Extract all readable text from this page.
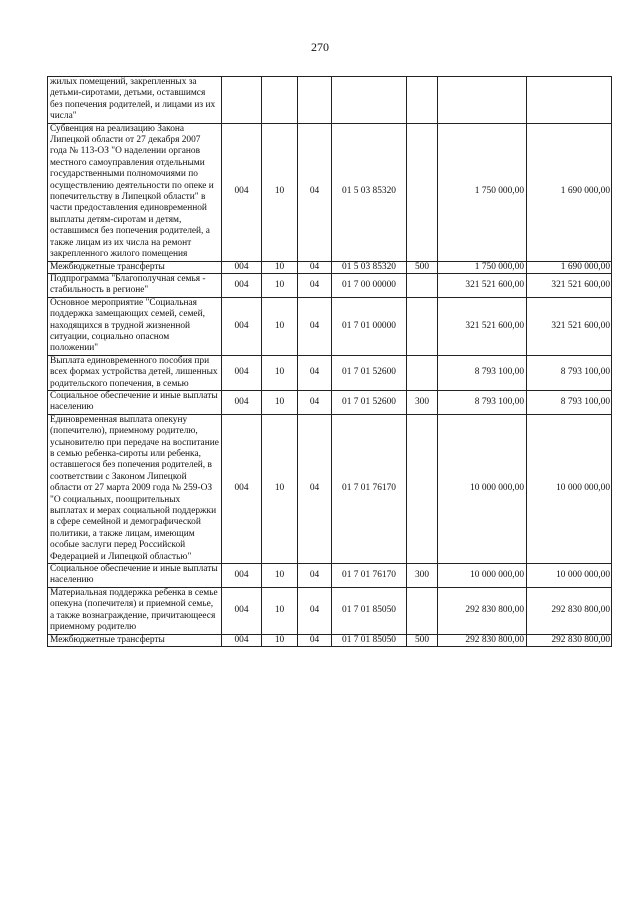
270
жилых помещений, закрепленных за детьми-сиротами, детьми, оставшимся без попечения родителей, и лицами из их числа"							
Субвенция на реализацию Закона Липецкой области от 27 декабря 2007 года № 113-ОЗ "О наделении органов местного самоуправления отдельными государственными полномочиями по осуществлению деятельности по опеке и попечительству в Липецкой области" в части предоставления единовременной выплаты детям-сиротам и детям, оставшимся без попечения родителей, а также лицам из их числа на ремонт закрепленного жилого помещения	004	10	04	01 5 03 85320		1 750 000,00	1 690 000,00
Межбюджетные трансферты	004	10	04	01 5 03 85320	500	1 750 000,00	1 690 000,00
Подпрограмма "Благополучная семья - стабильность в регионе"	004	10	04	01 7 00 00000		321 521 600,00	321 521 600,00
Основное мероприятие "Социальная поддержка замещающих семей, семей, находящихся в трудной жизненной ситуации, социально опасном положении"	004	10	04	01 7 01 00000		321 521 600,00	321 521 600,00
Выплата единовременного пособия при всех формах устройства детей, лишенных родительского попечения, в семью	004	10	04	01 7 01 52600		8 793 100,00	8 793 100,00
Социальное обеспечение и иные выплаты населению	004	10	04	01 7 01 52600	300	8 793 100,00	8 793 100,00
Единовременная выплата опекуну (попечителю), приемному родителю, усыновителю при передаче на воспитание в семью ребенка-сироты или ребенка, оставшегося без попечения родителей, в соответствии с Законом Липецкой области от 27 марта 2009 года № 259-ОЗ "О социальных, поощрительных выплатах и мерах социальной поддержки в сфере семейной и демографической политики, а также лицам, имеющим особые заслуги перед Российской Федерацией и Липецкой областью"	004	10	04	01 7 01 76170		10 000 000,00	10 000 000,00
Социальное обеспечение и иные выплаты населению	004	10	04	01 7 01 76170	300	10 000 000,00	10 000 000,00
Материальная поддержка ребенка в семье опекуна (попечителя) и приемной семье, а также вознаграждение, причитающееся приемному родителю	004	10	04	01 7 01 85050		292 830 800,00	292 830 800,00
Межбюджетные трансферты	004	10	04	01 7 01 85050	500	292 830 800,00	292 830 800,00
